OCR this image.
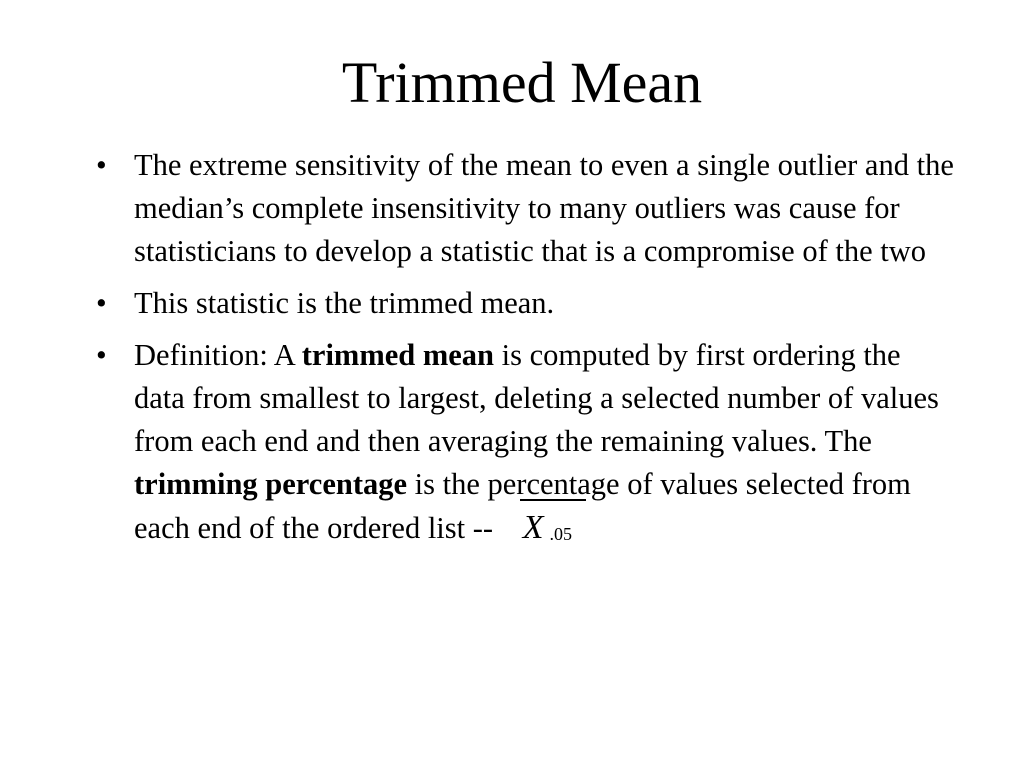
Trimmed Mean
• The extreme sensitivity of the mean to even a single outlier and the median’s complete insensitivity to many outliers was cause for statisticians to develop a statistic that is a compromise of the two
• This statistic is the trimmed mean.
• Definition: A trimmed mean is computed by first ordering the data from smallest to largest, deleting a selected number of values from each end and then averaging the remaining values. The trimming percentage is the percentage of values selected from each end of the ordered list --
X .05
